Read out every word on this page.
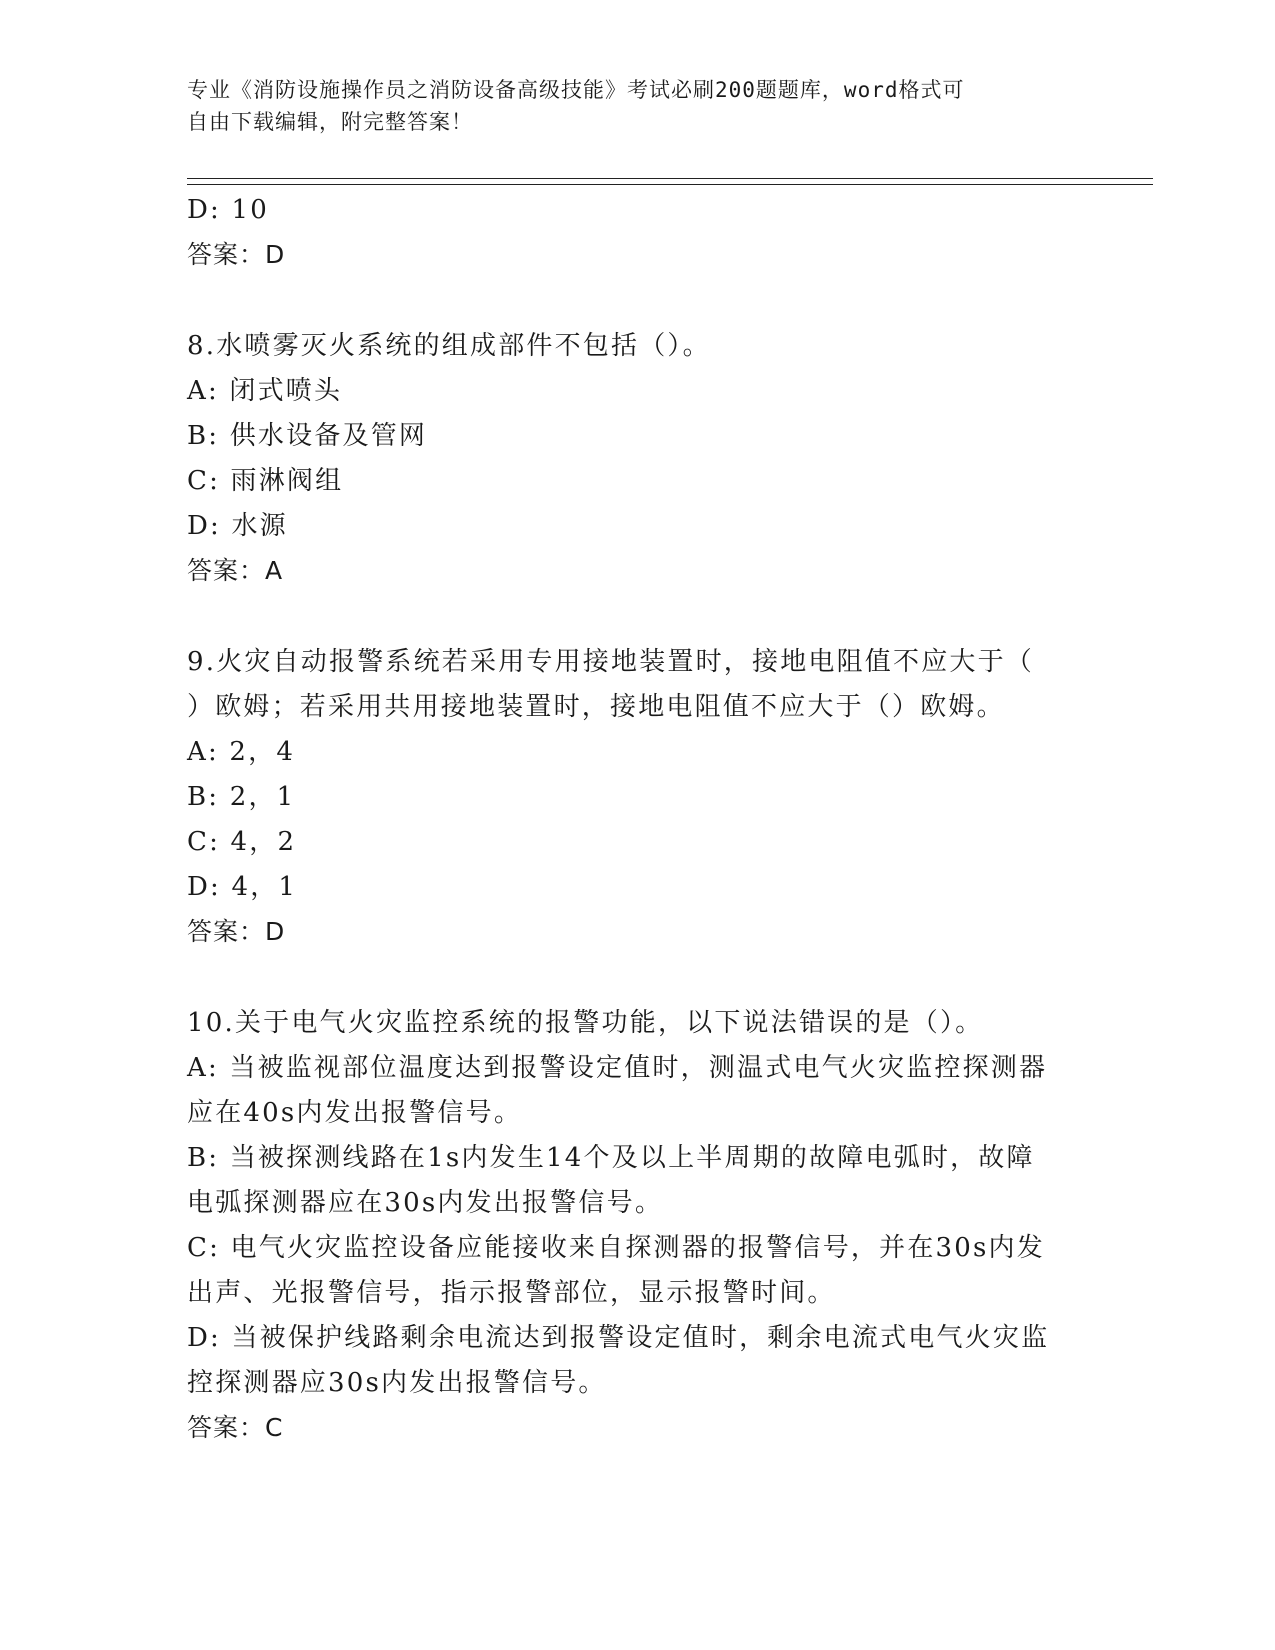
专业《消防设施操作员之消防设备高级技能》考试必刷200题题库，word格式可
自由下载编辑，附完整答案！
D: 10
答案：D
8.水喷雾灭火系统的组成部件不包括（）。
A: 闭式喷头
B: 供水设备及管网
C: 雨淋阀组
D: 水源
答案：A
9.火灾自动报警系统若采用专用接地装置时，接地电阻值不应大于（
）欧姆；若采用共用接地装置时，接地电阻值不应大于（）欧姆。
A: 2，4
B: 2，1
C: 4，2
D: 4，1
答案：D
10.关于电气火灾监控系统的报警功能，以下说法错误的是（）。
A: 当被监视部位温度达到报警设定值时，测温式电气火灾监控探测器
应在40s内发出报警信号。
B: 当被探测线路在1s内发生14个及以上半周期的故障电弧时，故障
电弧探测器应在30s内发出报警信号。
C: 电气火灾监控设备应能接收来自探测器的报警信号，并在30s内发
出声、光报警信号，指示报警部位，显示报警时间。
D: 当被保护线路剩余电流达到报警设定值时，剩余电流式电气火灾监
控探测器应30s内发出报警信号。
答案：C
